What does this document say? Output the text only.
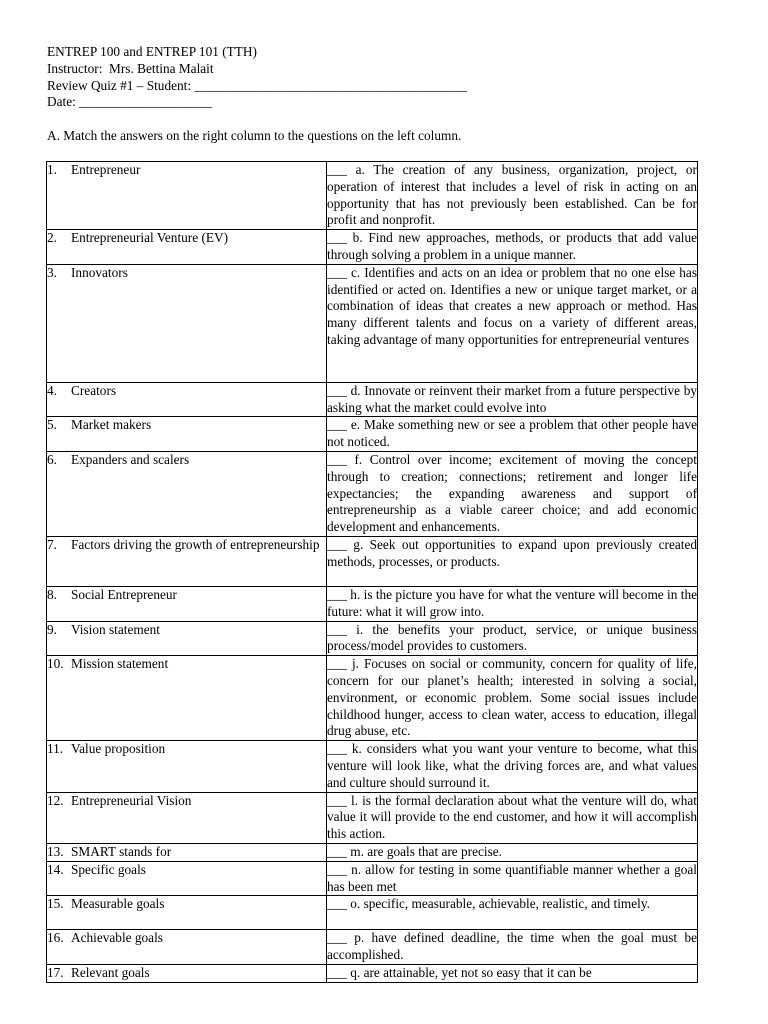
ENTREP 100 and ENTREP 101 (TTH)
Instructor:  Mrs. Bettina Malait
Review Quiz #1 – Student: _________________________________________
Date: ____________________
A. Match the answers on the right column to the questions on the left column.
1. Entrepreneur	___ a. The creation of any business, organization, project, or operation of interest that includes a level of risk in acting on an opportunity that has not previously been established. Can be for profit and nonprofit.

2. Entrepreneurial Venture (EV)	___ b. Find new approaches, methods, or products that add value through solving a problem in a unique manner.

3. Innovators	___ c. Identifies and acts on an idea or problem that no one else has identified or acted on. Identifies a new or unique target market, or a combination of ideas that creates a new approach or method. Has many different talents and focus on a variety of different areas, taking advantage of many opportunities for entrepreneurial ventures

4. Creators	___ d. Innovate or reinvent their market from a future perspective by asking what the market could evolve into

5. Market makers	___ e. Make something new or see a problem that other people have not noticed.

6. Expanders and scalers	___ f. Control over income; excitement of moving the concept through to creation; connections; retirement and longer life expectancies; the expanding awareness and support of entrepreneurship as a viable career choice; and add economic development and enhancements.

7. Factors driving the growth of entrepreneurship	___ g. Seek out opportunities to expand upon previously created methods, processes, or products.

8. Social Entrepreneur	___ h. is the picture you have for what the venture will become in the future: what it will grow into.

9. Vision statement	___ i. the benefits your product, service, or unique business process/model provides to customers.

10. Mission statement	___ j. Focuses on social or community, concern for quality of life, concern for our planet’s health; interested in solving a social, environment, or economic problem. Some social issues include childhood hunger, access to clean water, access to education, illegal drug abuse, etc.

11. Value proposition	___ k. considers what you want your venture to become, what this venture will look like, what the driving forces are, and what values and culture should surround it.

12. Entrepreneurial Vision	___ l. is the formal declaration about what the venture will do, what value it will provide to the end customer, and how it will accomplish this action.

13. SMART stands for	___ m. are goals that are precise.

14. Specific goals	___ n. allow for testing in some quantifiable manner whether a goal has been met

15. Measurable goals	___ o. specific, measurable, achievable, realistic, and timely.

16. Achievable goals	___ p. have defined deadline, the time when the goal must be accomplished.

17. Relevant goals	___ q. are attainable, yet not so easy that it can be
